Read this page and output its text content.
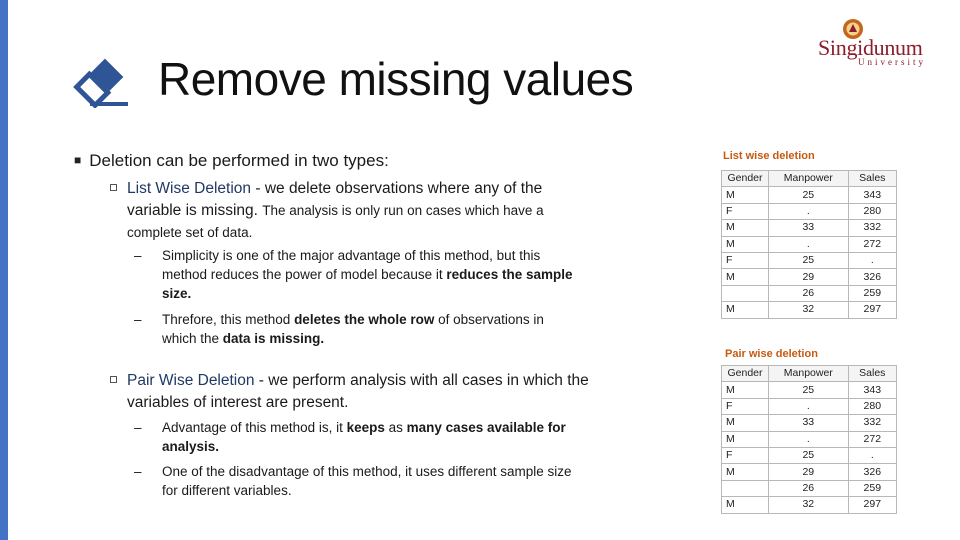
Remove missing values
Singidunum
University
■ Deletion can be performed in two types:
List Wise Deletion - we delete observations where any of the
variable is missing. The analysis is only run on cases which have a
complete set of data.
– Simplicity is one of the major advantage of this method, but this
method reduces the power of model because it reduces the sample
size.
– Threfore, this method deletes the whole row of observations in
which the data is missing.
Pair Wise Deletion - we perform analysis with all cases in which the
variables of interest are present.
– Advantage of this method is, it keeps as many cases available for
analysis.
– One of the disadvantage of this method, it uses different sample size
for different variables.
List wise deletion
Gender	Manpower	Sales
M	25	343
F	.	280
M	33	332
M	.	272
F	25	.
M	29	326
	26	259
M	32	297
Pair wise deletion
Gender	Manpower	Sales
M	25	343
F	.	280
M	33	332
M	.	272
F	25	.
M	29	326
	26	259
M	32	297
